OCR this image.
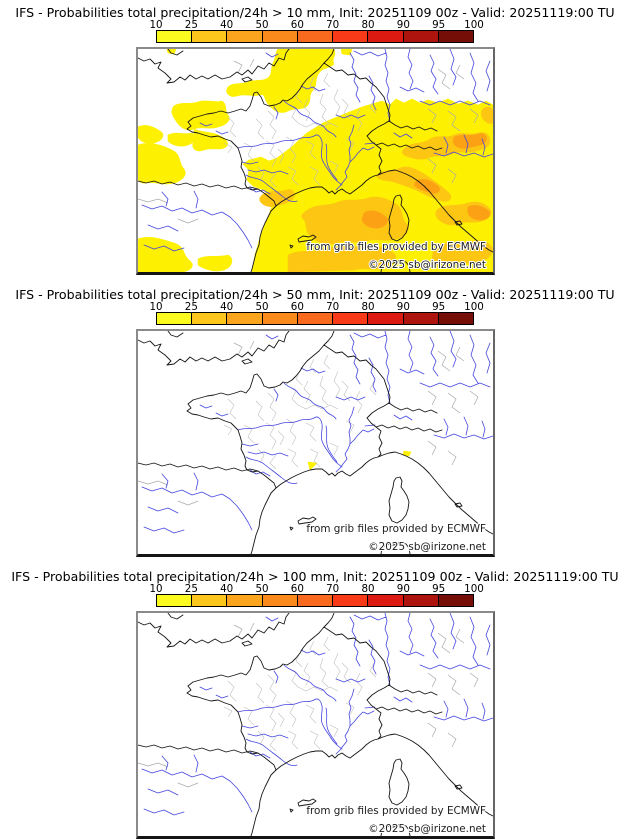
IFS - Probabilities total precipitation/24h > 10 mm, Init: 20251109 00z - Valid: 20251119:00 TU
10 25 40 50 60 70 80 90 95 100
from grib files provided by ECMWF
©2025 sb@irizone.net
IFS - Probabilities total precipitation/24h > 50 mm, Init: 20251109 00z - Valid: 20251119:00 TU
10 25 40 50 60 70 80 90 95 100
from grib files provided by ECMWF
©2025 sb@irizone.net
IFS - Probabilities total precipitation/24h > 100 mm, Init: 20251109 00z - Valid: 20251119:00 TU
10 25 40 50 60 70 80 90 95 100
from grib files provided by ECMWF
©2025 sb@irizone.net
